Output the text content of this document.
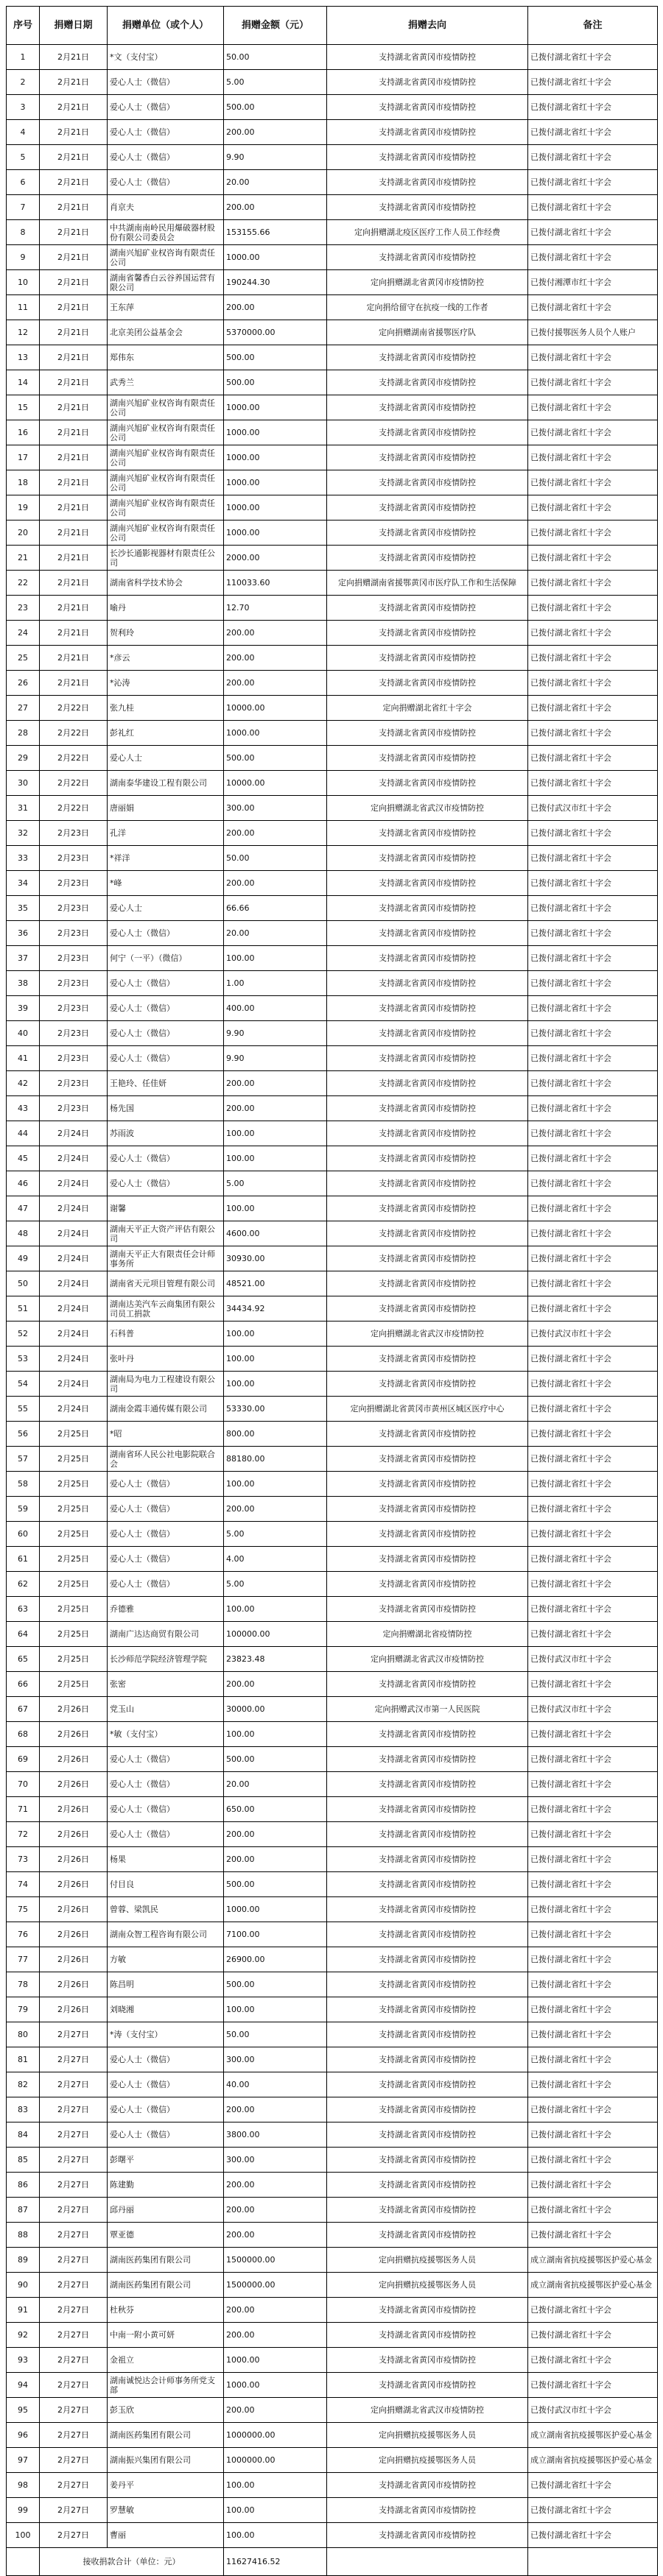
序号	捐赠日期	捐赠单位（或个人）	捐赠金额（元）	捐赠去向	备注
1	2月21日	*文（支付宝）	50.00	支持湖北省黄冈市疫情防控	已拨付湖北省红十字会
2	2月21日	爱心人士（微信）	5.00	支持湖北省黄冈市疫情防控	已拨付湖北省红十字会
3	2月21日	爱心人士（微信）	500.00	支持湖北省黄冈市疫情防控	已拨付湖北省红十字会
4	2月21日	爱心人士（微信）	200.00	支持湖北省黄冈市疫情防控	已拨付湖北省红十字会
5	2月21日	爱心人士（微信）	9.90	支持湖北省黄冈市疫情防控	已拨付湖北省红十字会
6	2月21日	爱心人士（微信）	20.00	支持湖北省黄冈市疫情防控	已拨付湖北省红十字会
7	2月21日	肖京夫	200.00	支持湖北省黄冈市疫情防控	已拨付湖北省红十字会
8	2月21日	中共湖南南岭民用爆破器材股份有限公司委员会	153155.66	定向捐赠湖北疫区医疗工作人员工作经费	已拨付湖北省红十字会
9	2月21日	湖南兴旭矿业权咨询有限责任公司	1000.00	支持湖北省黄冈市疫情防控	已拨付湖北省红十字会
10	2月21日	湖南省馨香白云谷养国运营有限公司	190244.30	定向捐赠湖北省黄冈市疫情防控	已拨付湘潭市红十字会
11	2月21日	王东萍	200.00	定向捐给留守在抗疫一线的工作者	已拨付湖北省红十字会
12	2月21日	北京美团公益基金会	5370000.00	定向捐赠湖南省援鄂医疗队	已拨付援鄂医务人员个人账户
13	2月21日	郑伟东	500.00	支持湖北省黄冈市疫情防控	已拨付湖北省红十字会
14	2月21日	武秀兰	500.00	支持湖北省黄冈市疫情防控	已拨付湖北省红十字会
15	2月21日	湖南兴旭矿业权咨询有限责任公司	1000.00	支持湖北省黄冈市疫情防控	已拨付湖北省红十字会
16	2月21日	湖南兴旭矿业权咨询有限责任公司	1000.00	支持湖北省黄冈市疫情防控	已拨付湖北省红十字会
17	2月21日	湖南兴旭矿业权咨询有限责任公司	1000.00	支持湖北省黄冈市疫情防控	已拨付湖北省红十字会
18	2月21日	湖南兴旭矿业权咨询有限责任公司	1000.00	支持湖北省黄冈市疫情防控	已拨付湖北省红十字会
19	2月21日	湖南兴旭矿业权咨询有限责任公司	1000.00	支持湖北省黄冈市疫情防控	已拨付湖北省红十字会
20	2月21日	湖南兴旭矿业权咨询有限责任公司	1000.00	支持湖北省黄冈市疫情防控	已拨付湖北省红十字会
21	2月21日	长沙长通影视器材有限责任公司	2000.00	支持湖北省黄冈市疫情防控	已拨付湖北省红十字会
22	2月21日	湖南省科学技术协会	110033.60	定向捐赠湖南省援鄂黄冈市医疗队工作和生活保障	已拨付湖北省红十字会
23	2月21日	喻丹	12.70	支持湖北省黄冈市疫情防控	已拨付湖北省红十字会
24	2月21日	贺利玲	200.00	支持湖北省黄冈市疫情防控	已拨付湖北省红十字会
25	2月21日	*彦云	200.00	支持湖北省黄冈市疫情防控	已拨付湖北省红十字会
26	2月21日	*沁涛	200.00	支持湖北省黄冈市疫情防控	已拨付湖北省红十字会
27	2月22日	张九桂	10000.00	定向捐赠湖北省红十字会	已拨付湖北省红十字会
28	2月22日	彭礼红	1000.00	支持湖北省黄冈市疫情防控	已拨付湖北省红十字会
29	2月22日	爱心人士	500.00	支持湖北省黄冈市疫情防控	已拨付湖北省红十字会
30	2月22日	湖南泰华建设工程有限公司	10000.00	支持湖北省黄冈市疫情防控	已拨付湖北省红十字会
31	2月22日	唐丽娟	300.00	定向捐赠湖北省武汉市疫情防控	已拨付武汉市红十字会
32	2月23日	孔洋	200.00	支持湖北省黄冈市疫情防控	已拨付湖北省红十字会
33	2月23日	*祥洋	50.00	支持湖北省黄冈市疫情防控	已拨付湖北省红十字会
34	2月23日	*峰	200.00	支持湖北省黄冈市疫情防控	已拨付湖北省红十字会
35	2月23日	爱心人士	66.66	支持湖北省黄冈市疫情防控	已拨付湖北省红十字会
36	2月23日	爱心人士（微信）	20.00	支持湖北省黄冈市疫情防控	已拨付湖北省红十字会
37	2月23日	何宁（一平）（微信）	100.00	支持湖北省黄冈市疫情防控	已拨付湖北省红十字会
38	2月23日	爱心人士（微信）	1.00	支持湖北省黄冈市疫情防控	已拨付湖北省红十字会
39	2月23日	爱心人士（微信）	400.00	支持湖北省黄冈市疫情防控	已拨付湖北省红十字会
40	2月23日	爱心人士（微信）	9.90	支持湖北省黄冈市疫情防控	已拨付湖北省红十字会
41	2月23日	爱心人士（微信）	9.90	支持湖北省黄冈市疫情防控	已拨付湖北省红十字会
42	2月23日	王艳玲、任佳妍	200.00	支持湖北省黄冈市疫情防控	已拨付湖北省红十字会
43	2月23日	杨先国	200.00	支持湖北省黄冈市疫情防控	已拨付湖北省红十字会
44	2月24日	苏雨波	100.00	支持湖北省黄冈市疫情防控	已拨付湖北省红十字会
45	2月24日	爱心人士（微信）	100.00	支持湖北省黄冈市疫情防控	已拨付湖北省红十字会
46	2月24日	爱心人士（微信）	5.00	支持湖北省黄冈市疫情防控	已拨付湖北省红十字会
47	2月24日	谢馨	100.00	支持湖北省黄冈市疫情防控	已拨付湖北省红十字会
48	2月24日	湖南天平正大资产评估有限公司	4600.00	支持湖北省黄冈市疫情防控	已拨付湖北省红十字会
49	2月24日	湖南天平正大有限责任会计师事务所	30930.00	支持湖北省黄冈市疫情防控	已拨付湖北省红十字会
50	2月24日	湖南省天元项目管理有限公司	48521.00	支持湖北省黄冈市疫情防控	已拨付湖北省红十字会
51	2月24日	湖南达美汽车云商集团有限公司员工捐款	34434.92	支持湖北省黄冈市疫情防控	已拨付湖北省红十字会
52	2月24日	石科普	100.00	定向捐赠湖北省武汉市疫情防控	已拨付武汉市红十字会
53	2月24日	张叶丹	100.00	支持湖北省黄冈市疫情防控	已拨付湖北省红十字会
54	2月24日	湖南局为电力工程建设有限公司	100.00	支持湖北省黄冈市疫情防控	已拨付湖北省红十字会
55	2月24日	湖南金霞丰通传媒有限公司	53330.00	定向捐赠湖北省黄冈市黄州区城区医疗中心	已拨付湖北省红十字会
56	2月25日	*昭	800.00	支持湖北省黄冈市疫情防控	已拨付湖北省红十字会
57	2月25日	湖南省环人民公社电影院联合会	88180.00	支持湖北省黄冈市疫情防控	已拨付湖北省红十字会
58	2月25日	爱心人士（微信）	100.00	支持湖北省黄冈市疫情防控	已拨付湖北省红十字会
59	2月25日	爱心人士（微信）	200.00	支持湖北省黄冈市疫情防控	已拨付湖北省红十字会
60	2月25日	爱心人士（微信）	5.00	支持湖北省黄冈市疫情防控	已拨付湖北省红十字会
61	2月25日	爱心人士（微信）	4.00	支持湖北省黄冈市疫情防控	已拨付湖北省红十字会
62	2月25日	爱心人士（微信）	5.00	支持湖北省黄冈市疫情防控	已拨付湖北省红十字会
63	2月25日	乔德雅	100.00	支持湖北省黄冈市疫情防控	已拨付湖北省红十字会
64	2月25日	湖南广达达商贸有限公司	100000.00	定向捐赠湖北省疫情防控	已拨付湖北省红十字会
65	2月25日	长沙师范学院经济管理学院	23823.48	定向捐赠湖北省武汉市疫情防控	已拨付武汉市红十字会
66	2月25日	张密	200.00	支持湖北省黄冈市疫情防控	已拨付湖北省红十字会
67	2月26日	党玉山	30000.00	定向捐赠武汉市第一人民医院	已拨付武汉市红十字会
68	2月26日	*敏（支付宝）	100.00	支持湖北省黄冈市疫情防控	已拨付湖北省红十字会
69	2月26日	爱心人士（微信）	500.00	支持湖北省黄冈市疫情防控	已拨付湖北省红十字会
70	2月26日	爱心人士（微信）	20.00	支持湖北省黄冈市疫情防控	已拨付湖北省红十字会
71	2月26日	爱心人士（微信）	650.00	支持湖北省黄冈市疫情防控	已拨付湖北省红十字会
72	2月26日	爱心人士（微信）	200.00	支持湖北省黄冈市疫情防控	已拨付湖北省红十字会
73	2月26日	杨果	200.00	支持湖北省黄冈市疫情防控	已拨付湖北省红十字会
74	2月26日	付目良	500.00	支持湖北省黄冈市疫情防控	已拨付湖北省红十字会
75	2月26日	曾蓉、梁凯民	1000.00	支持湖北省黄冈市疫情防控	已拨付湖北省红十字会
76	2月26日	湖南众智工程咨询有限公司	7100.00	支持湖北省黄冈市疫情防控	已拨付湖北省红十字会
77	2月26日	方敏	26900.00	支持湖北省黄冈市疫情防控	已拨付湖北省红十字会
78	2月26日	陈昌明	500.00	支持湖北省黄冈市疫情防控	已拨付湖北省红十字会
79	2月26日	刘晓湘	100.00	支持湖北省黄冈市疫情防控	已拨付湖北省红十字会
80	2月27日	*涛（支付宝）	50.00	支持湖北省黄冈市疫情防控	已拨付湖北省红十字会
81	2月27日	爱心人士（微信）	300.00	支持湖北省黄冈市疫情防控	已拨付湖北省红十字会
82	2月27日	爱心人士（微信）	40.00	支持湖北省黄冈市疫情防控	已拨付湖北省红十字会
83	2月27日	爱心人士（微信）	200.00	支持湖北省黄冈市疫情防控	已拨付湖北省红十字会
84	2月27日	爱心人士（微信）	3800.00	支持湖北省黄冈市疫情防控	已拨付湖北省红十字会
85	2月27日	彭曙平	300.00	支持湖北省黄冈市疫情防控	已拨付湖北省红十字会
86	2月27日	陈建勤	200.00	支持湖北省黄冈市疫情防控	已拨付湖北省红十字会
87	2月27日	邱丹丽	200.00	支持湖北省黄冈市疫情防控	已拨付湖北省红十字会
88	2月27日	覃亚德	200.00	支持湖北省黄冈市疫情防控	已拨付湖北省红十字会
89	2月27日	湖南医药集团有限公司	1500000.00	定向捐赠抗疫援鄂医务人员	成立湖南省抗疫援鄂医护爱心基金
90	2月27日	湖南医药集团有限公司	1500000.00	定向捐赠抗疫援鄂医务人员	成立湖南省抗疫援鄂医护爱心基金
91	2月27日	杜秋芬	200.00	支持湖北省黄冈市疫情防控	已拨付湖北省红十字会
92	2月27日	中南一附小黄可妍	200.00	支持湖北省黄冈市疫情防控	已拨付湖北省红十字会
93	2月27日	金祖立	1000.00	支持湖北省黄冈市疫情防控	已拨付湖北省红十字会
94	2月27日	湖南诚悦达会计师事务所党支部	1000.00	支持湖北省黄冈市疫情防控	已拨付湖北省红十字会
95	2月27日	彭玉欣	200.00	定向捐赠湖北省武汉市疫情防控	已拨付武汉市红十字会
96	2月27日	湖南医药集团有限公司	1000000.00	定向捐赠抗疫援鄂医务人员	成立湖南省抗疫援鄂医护爱心基金
97	2月27日	湖南振兴集团有限公司	1000000.00	定向捐赠抗疫援鄂医务人员	成立湖南省抗疫援鄂医护爱心基金
98	2月27日	姜丹平	100.00	支持湖北省黄冈市疫情防控	已拨付湖北省红十字会
99	2月27日	罗慧敏	100.00	支持湖北省黄冈市疫情防控	已拨付湖北省红十字会
100	2月27日	曹丽	100.00	支持湖北省黄冈市疫情防控	已拨付湖北省红十字会
	接收捐款合计（单位：元）		11627416.52		
